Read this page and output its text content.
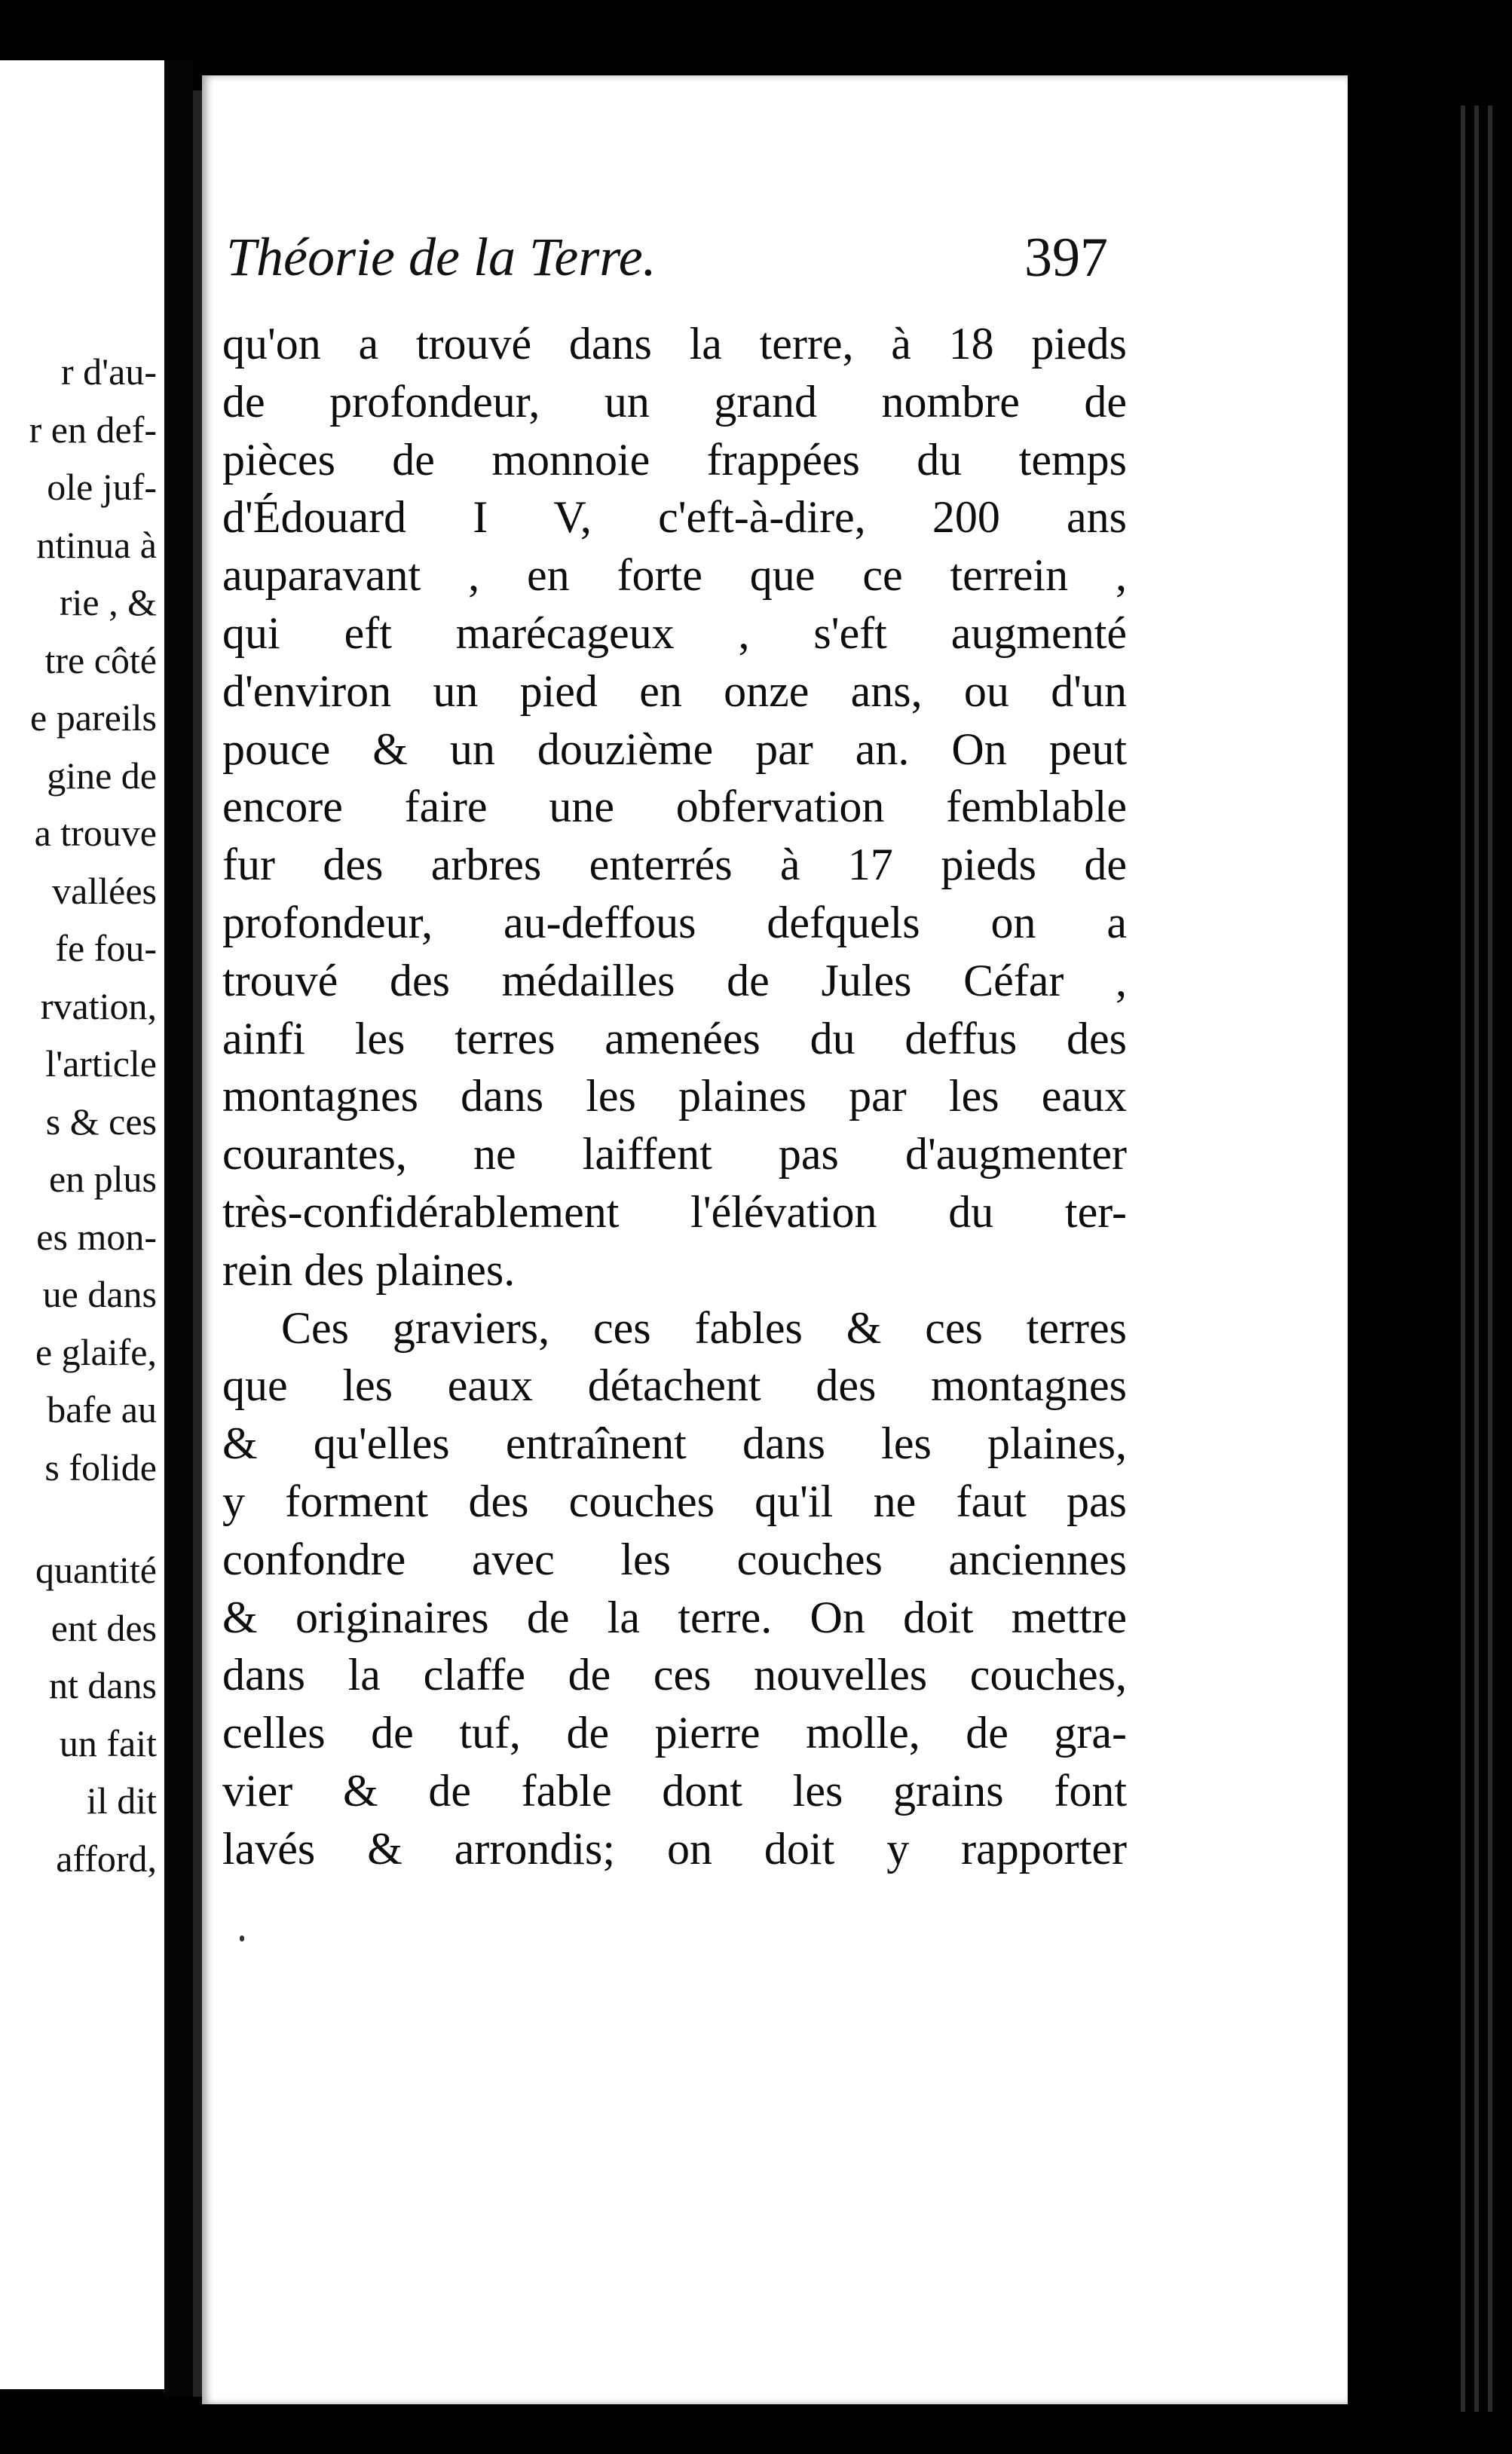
r d'au-
r en def-
ole juf-
ntinua à
rie , &
tre côté
e pareils
gine de
a trouve
vallées
fe fou-
rvation,
l'article
s & ces
en plus
es mon-
ue dans
e glaife,
bafe au
s folide
quantité
ent des
nt dans
un fait
il dit
afford,
Théorie de la Terre.	397
qu'on a trouvé dans la terre, à 18 pieds
de profondeur, un grand nombre de
pièces de monnoie frappées du temps
d'Édouard I V, c'eft-à-dire, 200 ans
auparavant , en forte que ce terrein ,
qui eft marécageux , s'eft augmenté
d'environ un pied en onze ans, ou d'un
pouce & un douzième par an. On peut
encore faire une obfervation femblable
fur des arbres enterrés à 17 pieds de
profondeur, au-deffous defquels on a
trouvé des médailles de Jules Céfar ,
ainfi les terres amenées du deffus des
montagnes dans les plaines par les eaux
courantes, ne laiffent pas d'augmenter
très-confidérablement l'élévation du ter-
rein des plaines.
Ces graviers, ces fables & ces terres
que les eaux détachent des montagnes
& qu'elles entraînent dans les plaines,
y forment des couches qu'il ne faut pas
confondre avec les couches anciennes
& originaires de la terre. On doit mettre
dans la claffe de ces nouvelles couches,
celles de tuf, de pierre molle, de gra-
vier & de fable dont les grains font
lavés & arrondis; on doit y rapporter
